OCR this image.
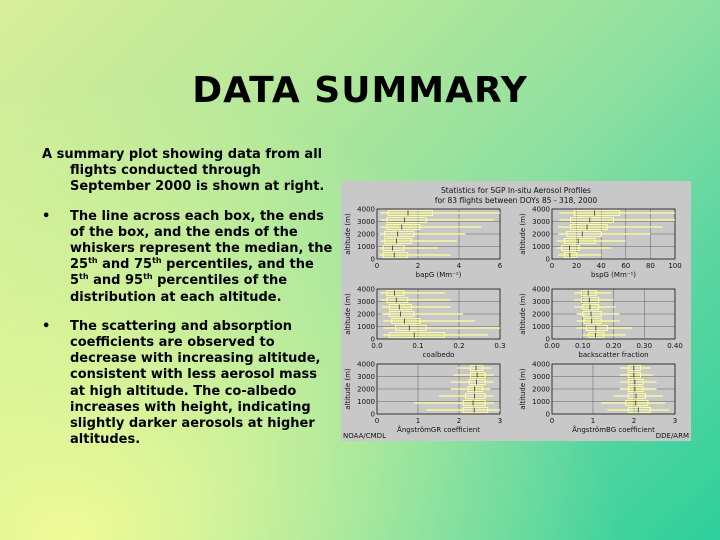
DATA SUMMARY
A summary plot showing data from all flights conducted through September 2000 is shown at right.
•	The line across each box, the ends of the box, and the ends of the whiskers represent the median, the 25th and 75th percentiles, and the 5th and 95th percentiles of the distribution at each altitude.
•	The scattering and absorption coefficients are observed to decrease with increasing altitude, consistent with less aerosol mass at high altitude. The co-albedo increases with height, indicating slightly darker aerosols at higher altitudes.
Statistics for SGP In-situ Aerosol Profiles
for 83 flights between DOYs 85 - 318, 2000
0
1000
2000
3000
4000
0	2	4	6
bapG (Mm⁻¹)
altitude (m)
0
1000
2000
3000
4000
0	20 40 60 80 100
bspG (Mm⁻¹)
altitude (m)
0
1000
2000
3000
4000
0.0	0.1	0.2	0.3
coalbedo
altitude (m)
0
1000
2000
3000
4000
0.00 0.10 0.20 0.30 0.40
backscatter fraction
altitude (m)
0
1000
2000
3000
4000
0	1	2	3
ÅngströmGR coefficient
altitude (m)
0
1000
2000
3000
4000
0	1	2	3
ÅngströmBG coefficient
altitude (m)
NOAA/CMDL	DDE/ARM
